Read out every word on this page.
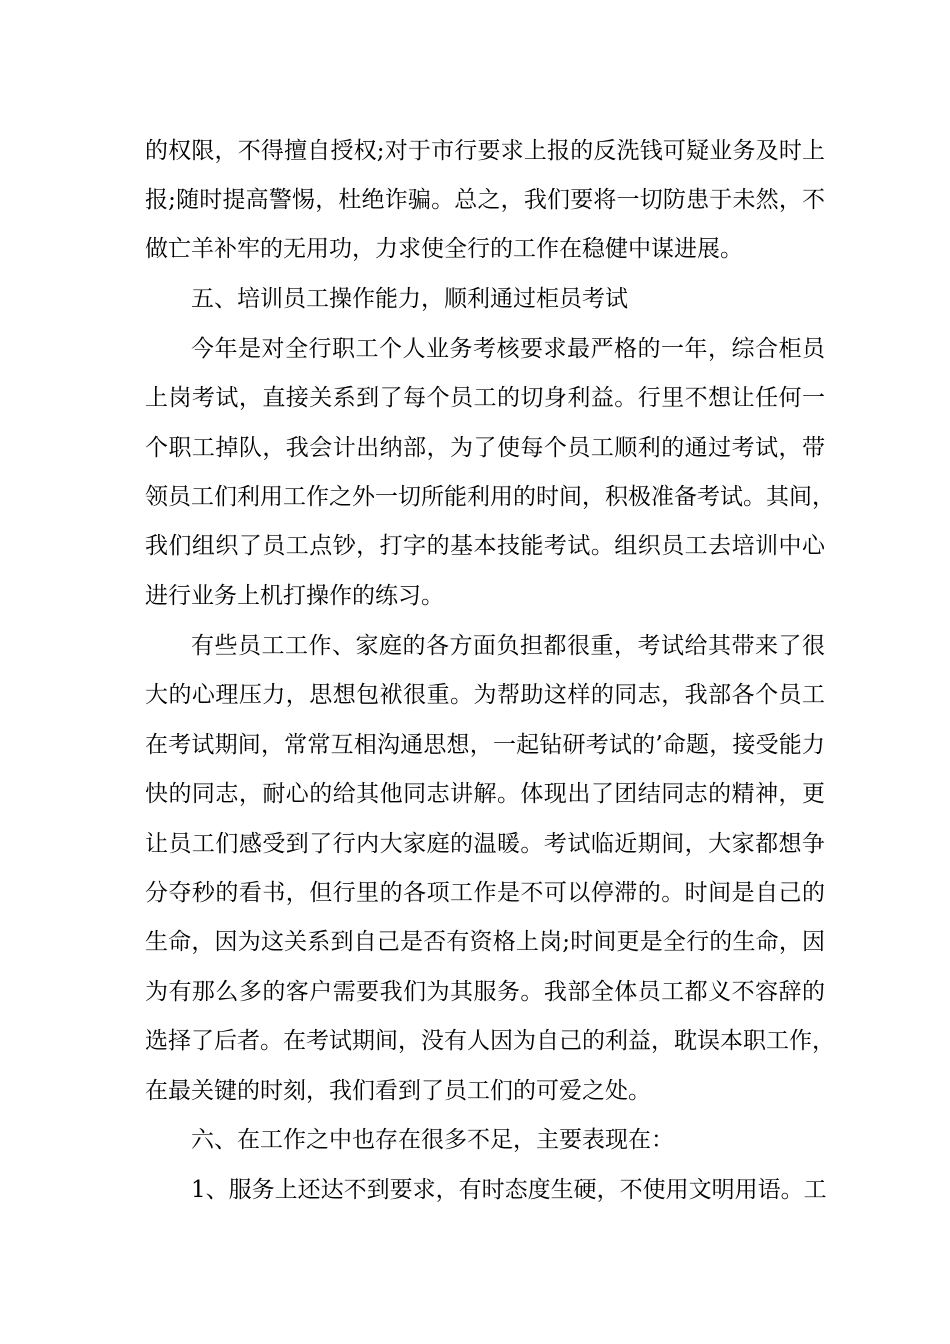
的权限，不得擅自授权;对于市行要求上报的反洗钱可疑业务及时上
报;随时提高警惕，杜绝诈骗。总之，我们要将一切防患于未然，不
做亡羊补牢的无用功，力求使全行的工作在稳健中谋进展。
五、培训员工操作能力，顺利通过柜员考试
今年是对全行职工个人业务考核要求最严格的一年，综合柜员
上岗考试，直接关系到了每个员工的切身利益。行里不想让任何一
个职工掉队，我会计出纳部，为了使每个员工顺利的通过考试，带
领员工们利用工作之外一切所能利用的时间，积极准备考试。其间，
我们组织了员工点钞，打字的基本技能考试。组织员工去培训中心
进行业务上机打操作的练习。
有些员工工作、家庭的各方面负担都很重，考试给其带来了很
大的心理压力，思想包袱很重。为帮助这样的同志，我部各个员工
在考试期间，常常互相沟通思想，一起钻研考试的’命题，接受能力
快的同志，耐心的给其他同志讲解。体现出了团结同志的精神，更
让员工们感受到了行内大家庭的温暖。考试临近期间，大家都想争
分夺秒的看书，但行里的各项工作是不可以停滞的。时间是自己的
生命，因为这关系到自己是否有资格上岗;时间更是全行的生命，因
为有那么多的客户需要我们为其服务。我部全体员工都义不容辞的
选择了后者。在考试期间，没有人因为自己的利益，耽误本职工作，
在最关键的时刻，我们看到了员工们的可爱之处。
六、在工作之中也存在很多不足，主要表现在：
1、服务上还达不到要求，有时态度生硬，不使用文明用语。工
